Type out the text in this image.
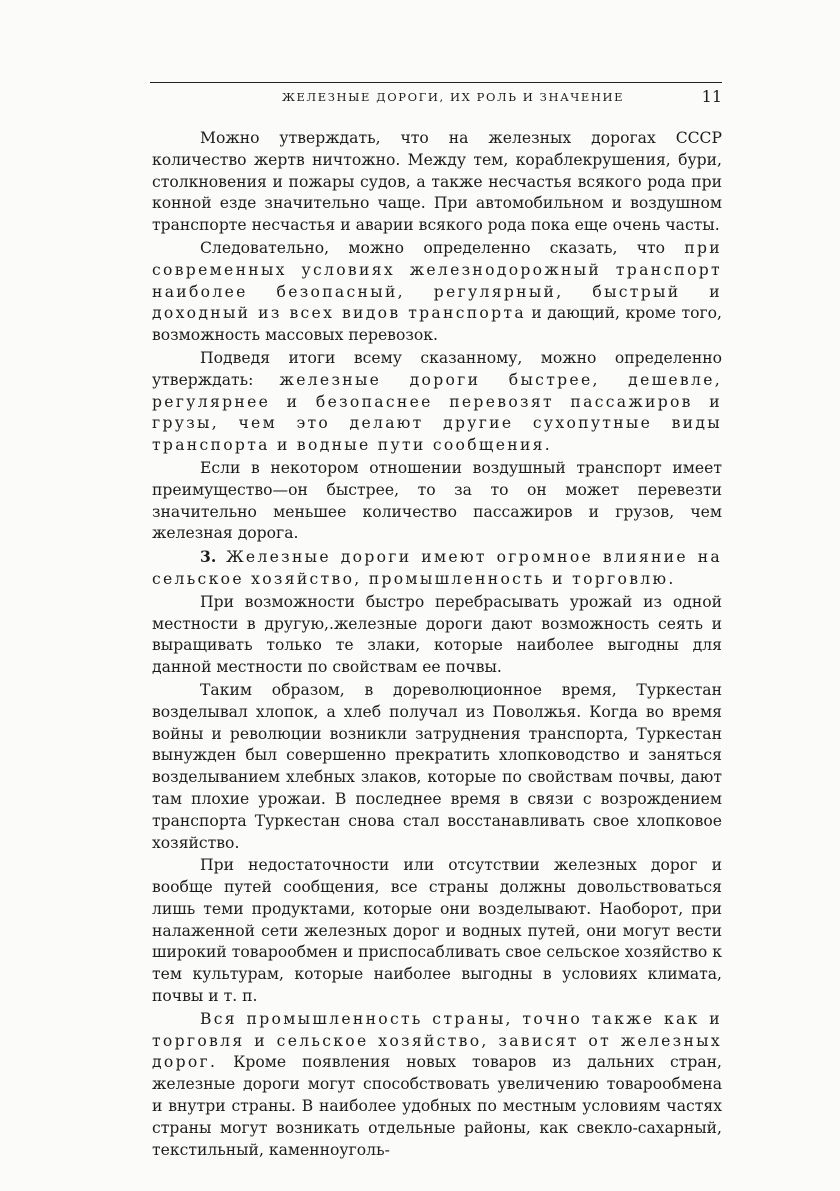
ЖЕЛЕЗНЫЕ ДОРОГИ, ИХ РОЛЬ И ЗНАЧЕНИЕ	11

Можно утверждать, что на железных дорогах СССР количество жертв ничтожно. Между тем, кораблекрушения, бури, столкновения и пожары судов, а также несчастья всякого рода при конной езде значительно чаще. При автомобильном и воздушном транспорте несчастья и аварии всякого рода пока еще очень часты.

Следовательно, можно определенно сказать, что при современных условиях железнодорожный транспорт наиболее безопасный, регулярный, быстрый и доходный из всех видов транспорта и дающий, кроме того, возможность массовых перевозок.

Подведя итоги всему сказанному, можно определенно утверждать: железные дороги быстрее, дешевле, регулярнее и безопаснее перевозят пассажиров и грузы, чем это делают другие сухопутные виды транспорта и водные пути сообщения.

Если в некотором отношении воздушный транспорт имеет преимущество—он быстрее, то за то он может перевезти значительно меньшее количество пассажиров и грузов, чем железная дорога.

3. Железные дороги имеют огромное влияние на сельское хозяйство, промышленность и торговлю.

При возможности быстро перебрасывать урожай из одной местности в другую,.железные дороги дают возможность сеять и выращивать только те злаки, которые наиболее выгодны для данной местности по свойствам ее почвы.

Таким образом, в дореволюционное время, Туркестан возделывал хлопок, а хлеб получал из Поволжья. Когда во время войны и революции возникли затруднения транспорта, Туркестан вынужден был совершенно прекратить хлопководство и заняться возделыванием хлебных злаков, которые по свойствам почвы, дают там плохие урожаи. В последнее время в связи с возрождением транспорта Туркестан снова стал восстанавливать свое хлопковое хозяйство.

При недостаточности или отсутствии железных дорог и вообще путей сообщения, все страны должны довольствоваться лишь теми продуктами, которые они возделывают. Наоборот, при налаженной сети железных дорог и водных путей, они могут вести широкий товарообмен и приспосабливать свое сельское хозяйство к тем культурам, которые наиболее выгодны в условиях климата, почвы и т. п.

Вся промышленность страны, точно также как и торговля и сельское хозяйство, зависят от железных дорог. Кроме появления новых товаров из дальних стран, железные дороги могут способствовать увеличению товарообмена и внутри страны. В наиболее удобных по местным условиям частях страны могут возникать отдельные районы, как свекло-сахарный, текстильный, каменноуголь-
